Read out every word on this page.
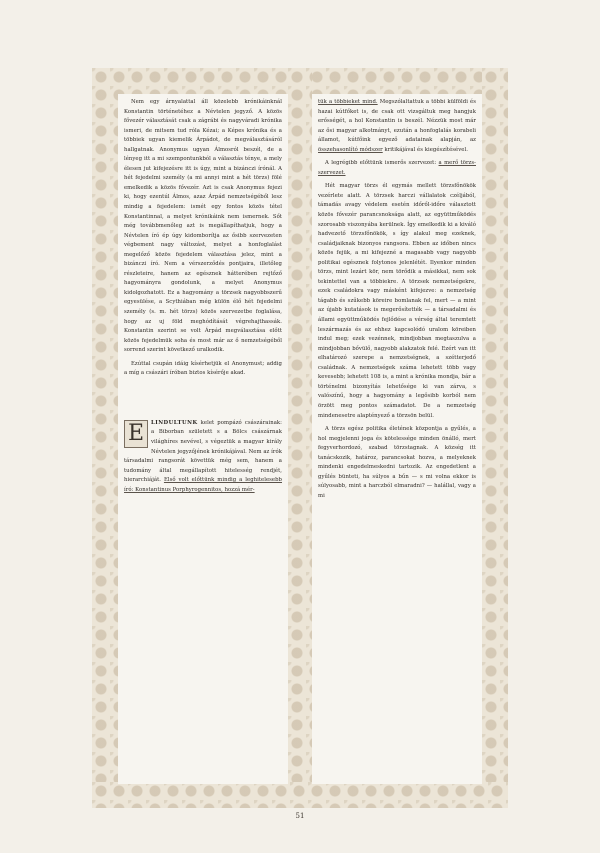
Nem egy árnyalattal áll közelebb krónikáinknál Konstantin történetéhez a Névtelen jegyző. A közös fővezér választását csak a zágrábi és nagyváradi krónika ismeri, de mitsem tud róla Kézai; a Képes krónika és a többiek ugyan kiemelik Árpádot, de megválasztásáról hallgatnak. Anonymus ugyan Álmosról beszél, de a lényeg itt a mi szempontunkból a választás ténye, a mely élesen jut kifejezésre itt is úgy, mint a bizánczi írónál. A hét fejedelmi személy (a mi annyi mint a hét törzs) fölé emelkedik a közös fővezér. Azt is csak Anonymus fejezi ki, hogy ezentúl Álmos, azaz Árpád nemzetségéből lesz mindig a fejedelem: ismét egy fontos közös tétel Konstantinnal, a melyet krónikáink nem ismernek. Sőt még továbbmenőleg azt is megállapíthatjuk, hogy a Névtelen író ép úgy kidomborítja az ősibb szervezeten végbement nagy változást, melyet a honfoglalást megelőző közös fejedelem választása jelez, mint a bizánczi író. Nem a vérszerződés pontjaira, illetőleg részleteire, hanem az egésznek hátterében rejtőző hagyományra gondolunk, a melyet Anonymus kidolgozhatott. Ez a hagyomány a törzsek nagyobbszerű egyesülése, a Scythiában még külön élő hét fejedelmi személy (s. m. hét törzs) közös szervezetbe foglalása, hogy az uj föld meghódítását végrehajthassák. Konstantin szerint se volt Árpád megválasztása előtt közös fejedelmük soha és most már az ő nemzetségéből sorrend szerint következő uralkodik.

Ezúttal csupán idáig kísérhetjük el Anonymust; addig a míg a császári íróban biztos kísérője akad.

E	LINDULTUNK kelet pompázó császárainak: a Biborban született s a Bölcs császárnak világhíres nevével, s végeztük a magyar király Névtelen jegyzőjének krónikájával. Nem az írók társadalmi rangsorát követtük még sem, hanem a tudomány által megállapított hitelesség rendjét, hierarchiáját. Első volt előttünk mindig a leghitelesebb író: Konstantinus Porphyrogennitos, hozzá mér-

tük a többieket mind. Megszólaltattuk a többi külföldi és hazai kútfőket is, de csak ott vizsgáltuk meg hangjuk erősségét, a hol Konstantin is beszél. Nézzük most már az ősi magyar alkotmányt, ezután a honfoglalás korabeli államot, kútfőink egyező adatainak alapján, az összehasonlító módszer kritikájával és kiegészítésével.

A legrégibb előttünk ismerős szervezet: a merő törzs-szervezet.

Hét magyar törzs él egymás mellett törzsfőnökök vezérlete alatt. A törzsek harczi vállalatok czéljából, támadás avagy védelem esetén időről-időre választott közös fővezér parancsnoksága alatt, az együttműködés szorosabb viszonyába kerülnek. Így emelkedik ki a kiváló hadvezető törzsfőnökök, s így alakul meg ezeknek, családjaiknak bizonyos rangsora. Ebben az időben nincs közös fejük, a mi kifejezné a magasabb vagy nagyobb politikai egésznek folytonos jelenlétét. Ilyenkor minden törzs, mint lezárt kör, nem törődik a másikkal, nem sok tekintettel van a többiekre. A törzsek nemzetségekre, ezek családokra vagy másként kifejezve: a nemzetség tágabb és szűkebb köreire bomlanak fel, mert — a mint az újabb kutatások is megerősítették — a társadalmi és állami együttműködés fejlődése a vérség által teremtett leszármazás és az ehhez kapcsolódó uralom köreiben indul meg; ezek vezénnek, mindjobban megtaszulva a mindjobban bővülő, nagyobb alakzatok felé. Ezért van itt elhatározó szerepe a nemzetségnek, a szétterjedő családnak. A nemzetségek száma lehetett több vagy kevesebb; lehetett 108 is, a mint a krónika mondja, bár a történelmi bizonyítás lehetősége ki van zárva, s valószínű, hogy a hagyomány a legősibb korból nem örzött meg pontos számadatot. De a nemzetség mindenesetre alaptényező a törzsön belül.

A törzs egész politika életének központja a gyűlés, a hol megjelenni joga és kötelessége minden önálló, mert fegyverhordozó, szabad törzstagnak. A község itt tanácskozik, határoz, parancsokat hozva, a melyeknek mindenki engedelmeskedni tartozik. Az engedetlent a gyűlés bünteti, ha súlyos a bűn — s mi volna ekkor is súlyosabb, mint a harczból elmaradni? — halállal, vagy a mi

51
